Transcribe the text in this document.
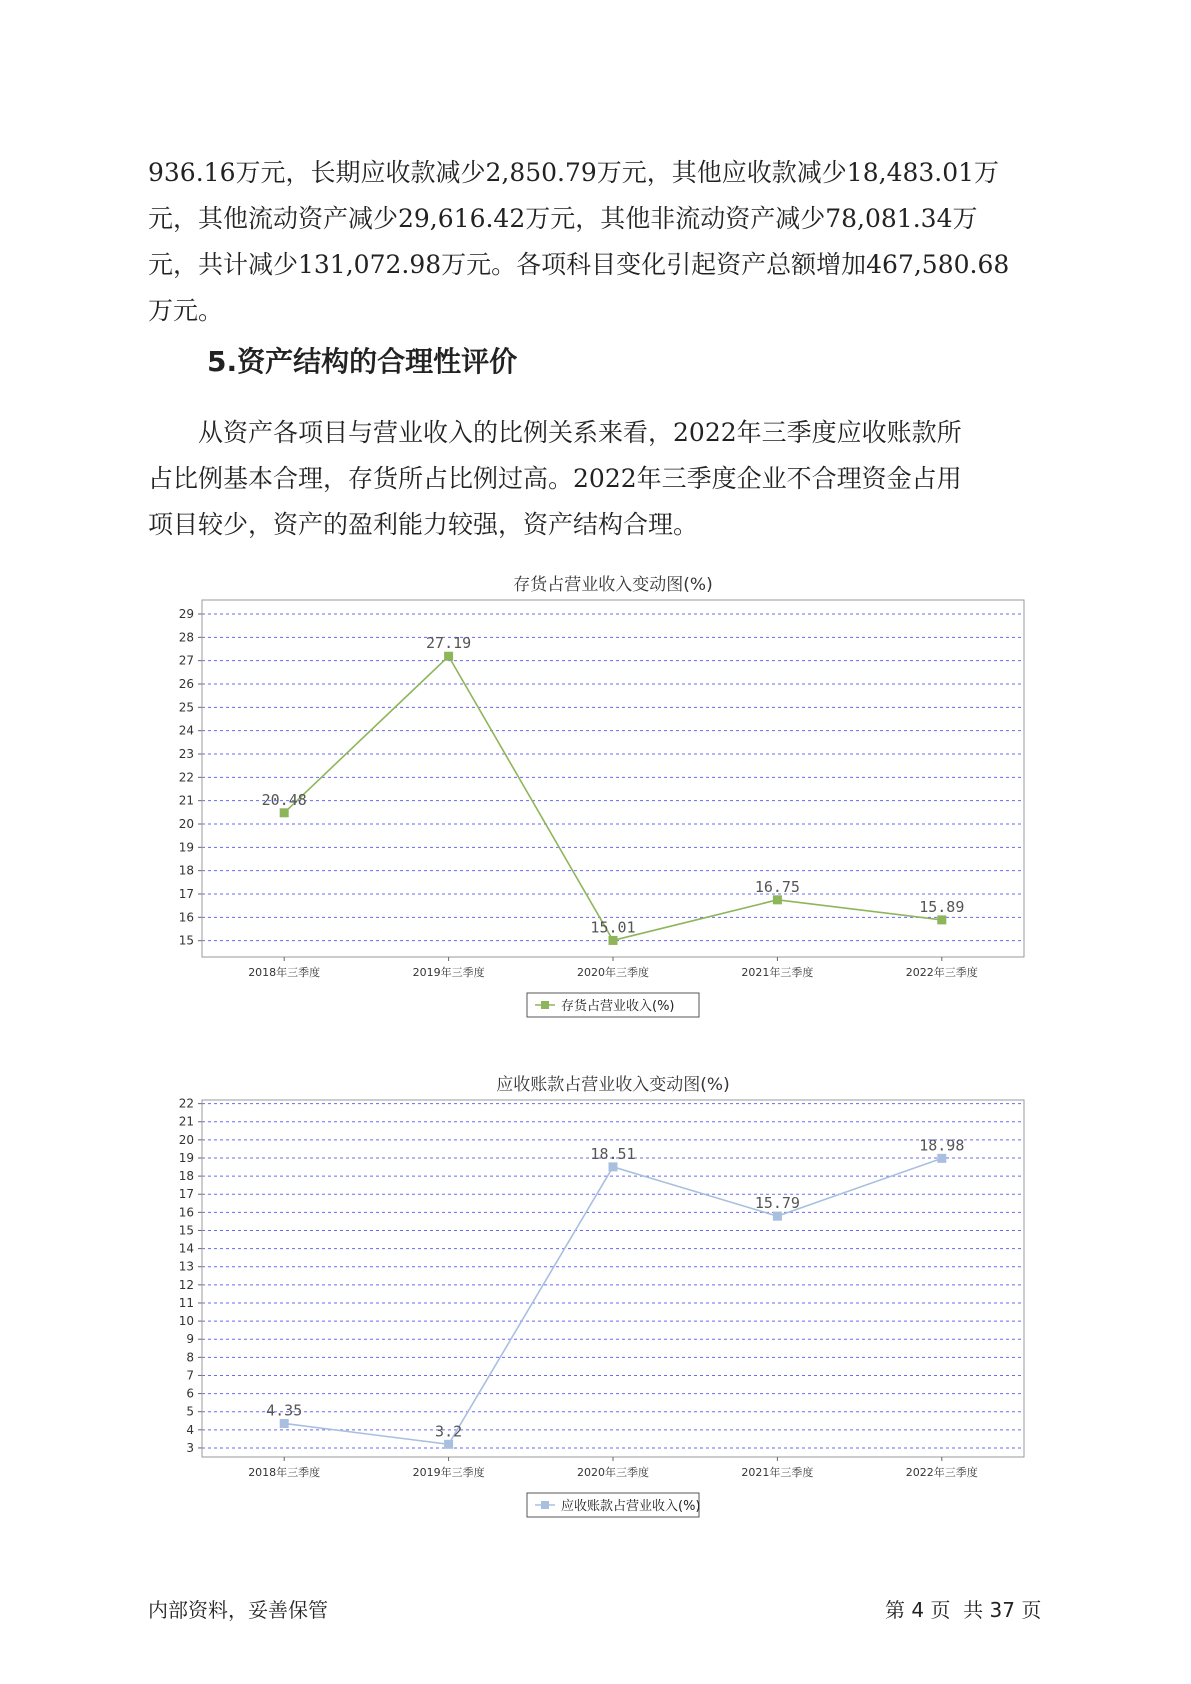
936.16万元，长期应收款减少2,850.79万元，其他应收款减少18,483.01万
元，其他流动资产减少29,616.42万元，其他非流动资产减少78,081.34万
元，共计减少131,072.98万元。各项科目变化引起资产总额增加467,580.68
万元。
5.资产结构的合理性评价
从资产各项目与营业收入的比例关系来看，2022年三季度应收账款所
占比例基本合理，存货所占比例过高。2022年三季度企业不合理资金占用
项目较少，资产的盈利能力较强，资产结构合理。
存货占营业收入变动图(%)
15
16
17
18
19
20
21
22
23
24
25
26
27
28
29
2018年三季度	2019年三季度	2020年三季度	2021年三季度	2022年三季度
20.48
27.19
15.01
16.75
15.89
存货占营业收入(%)
应收账款占营业收入变动图(%)
3
4
5
6
7
8
9
10
11
12
13
14
15
16
17
18
19
20
21
22
2018年三季度	2019年三季度	2020年三季度	2021年三季度	2022年三季度
4.35
3.2
18.51
15.79
18.98
应收账款占营业收入(%)
内部资料，妥善保管	第 4 页  共 37 页
